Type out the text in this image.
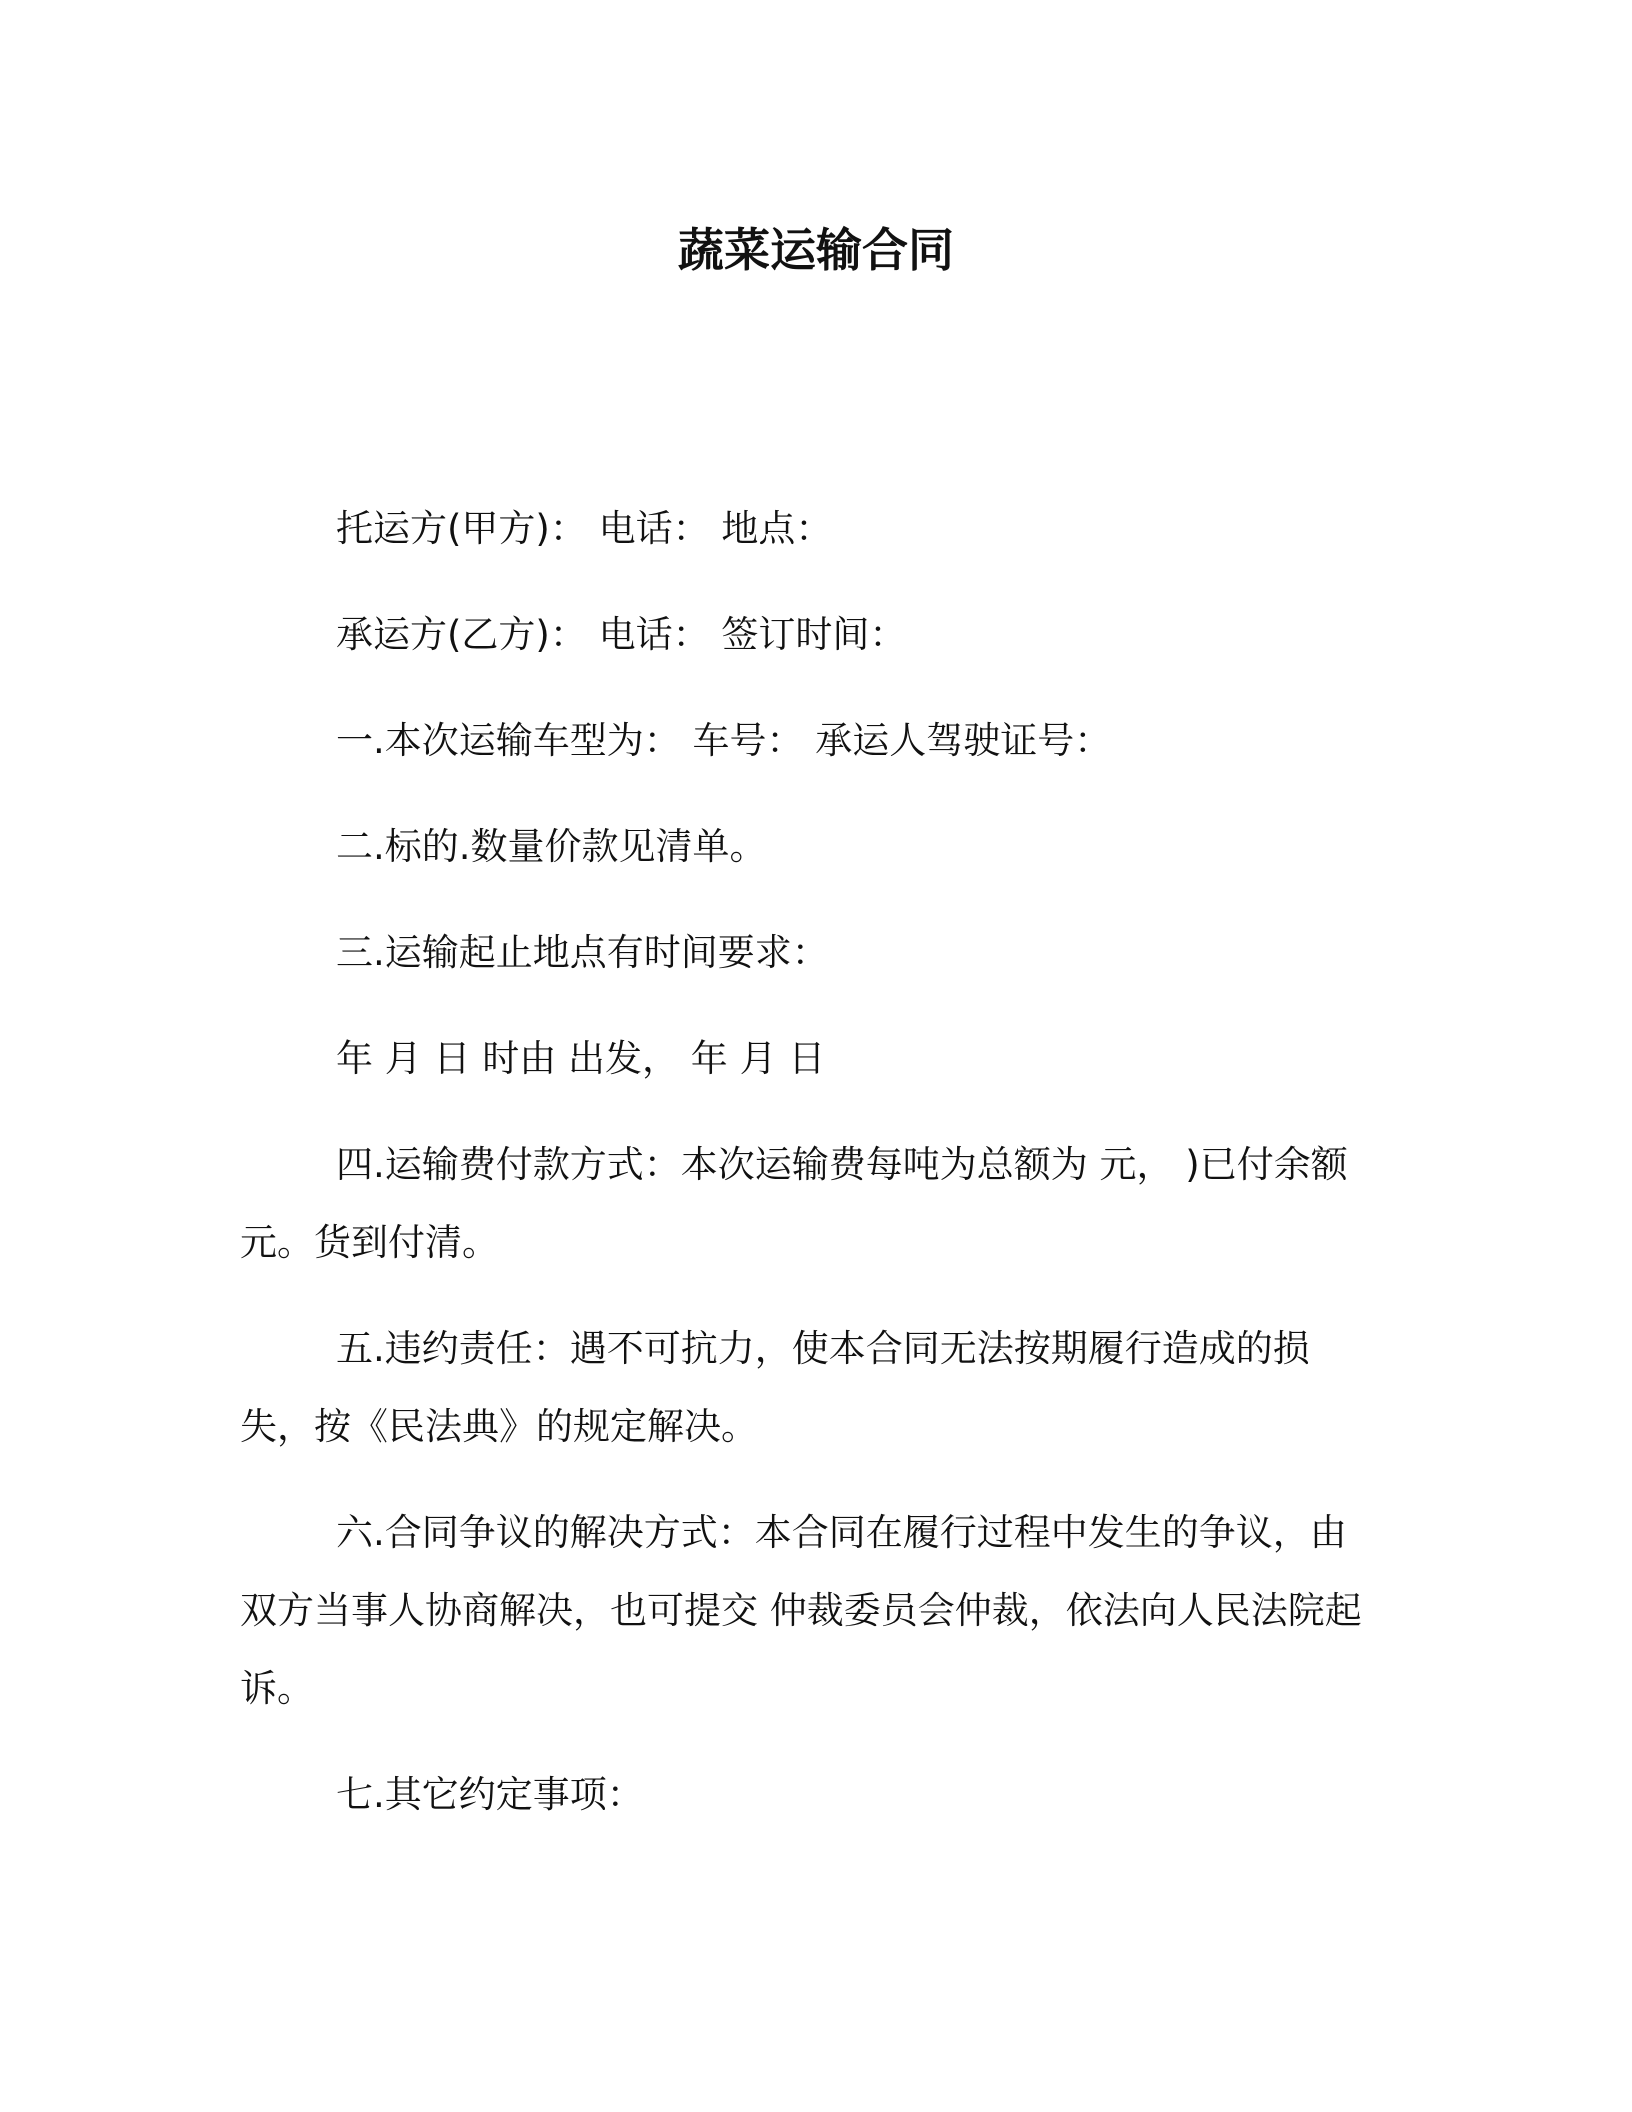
蔬菜运输合同

托运方(甲方)： 电话： 地点：

承运方(乙方)： 电话： 签订时间：

一.本次运输车型为： 车号： 承运人驾驶证号：

二.标的.数量价款见清单。

三.运输起止地点有时间要求：

年 月 日 时由 出发， 年 月 日

四.运输费付款方式：本次运输费每吨为总额为 元， )已付余额 元。货到付清。

五.违约责任：遇不可抗力，使本合同无法按期履行造成的损失，按《民法典》的规定解决。

六.合同争议的解决方式：本合同在履行过程中发生的争议，由双方当事人协商解决，也可提交 仲裁委员会仲裁，依法向人民法院起诉。

七.其它约定事项：
